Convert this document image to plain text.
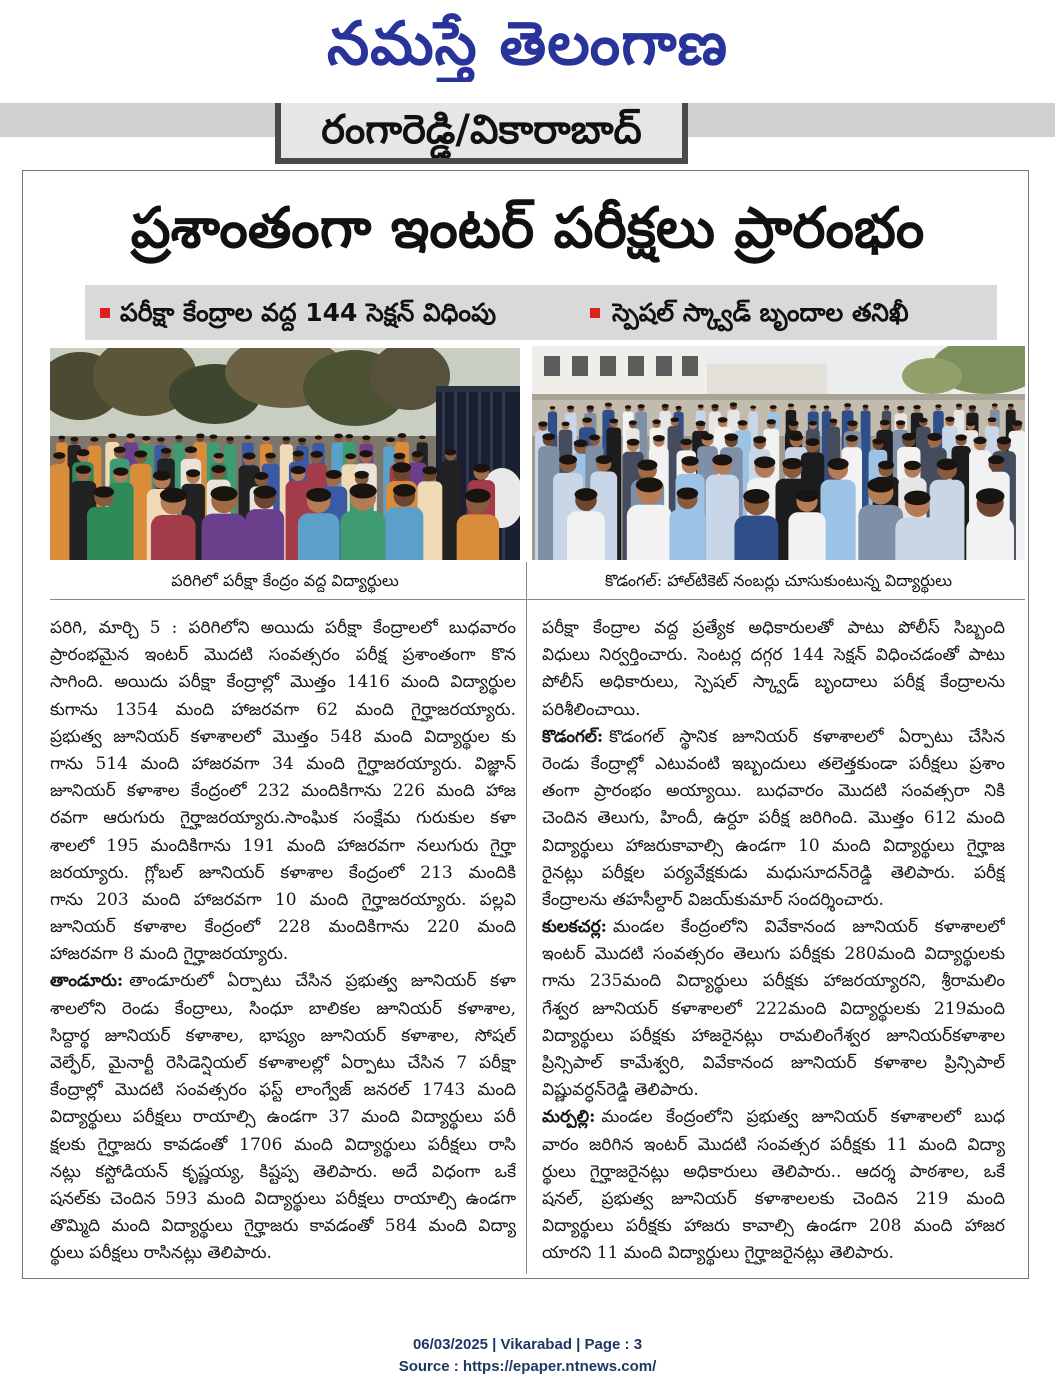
నమస్తే తెలంగాణ
రంగారెడ్డి/వికారాబాద్
ప్రశాంతంగా ఇంటర్ పరీక్షలు ప్రారంభం
పరీక్షా కేంద్రాల వద్ద 144 సెక్షన్ విధింపు	స్పెషల్ స్క్వాడ్ బృందాల తనిఖీ
పరిగిలో పరీక్షా కేంద్రం వద్ద విద్యార్థులు	కొడంగల్: హాల్‌టికెట్ నంబర్లు చూసుకుంటున్న విద్యార్థులు
పరిగి, మార్చి 5 : పరిగిలోని అయిదు పరీక్షా కేంద్రాలలో బుధవారం
ప్రారంభమైన ఇంటర్ మొదటి సంవత్సరం పరీక్ష ప్రశాంతంగా కొన
సాగింది. అయిదు పరీక్షా కేంద్రాల్లో మొత్తం 1416 మంది విద్యార్థుల
కుగాను 1354 మంది హాజరవగా 62 మంది గైర్హాజరయ్యారు.
ప్రభుత్వ జూనియర్ కళాశాలలో మొత్తం 548 మంది విద్యార్థుల కు
గాను 514 మంది హాజరవగా 34 మంది గైర్హాజరయ్యారు. విజ్ఞాన్
జూనియర్ కళాశాల కేంద్రంలో 232 మందికిగాను 226 మంది హాజ
రవగా ఆరుగురు గైర్హాజరయ్యారు.సాంఘిక సంక్షేమ గురుకుల కళా
శాలలో 195 మందికిగాను 191 మంది హాజరవగా నలుగురు గైర్హా
జరయ్యారు. గ్లోబల్ జూనియర్ కళాశాల కేంద్రంలో 213 మందికి
గాను 203 మంది హాజరవగా 10 మంది గైర్హాజరయ్యారు. పల్లవి
జూనియర్ కళాశాల కేంద్రంలో 228 మందికిగాను 220 మంది
హాజరవగా 8 మంది గైర్హాజరయ్యారు.
తాండూరు: తాండూరులో ఏర్పాటు చేసిన ప్రభుత్వ జూనియర్ కళా
శాలలోని రెండు కేంద్రాలు, సింధూ బాలికల జూనియర్ కళాశాల,
సిద్దార్థ జూనియర్ కళాశాల, భాష్యం జూనియర్ కళాశాల, సోషల్
వెల్ఫేర్, మైనార్టీ రెసిడెన్షియల్ కళాశాలల్లో ఏర్పాటు చేసిన 7 పరీక్షా
కేంద్రాల్లో మొదటి సంవత్సరం ఫస్ట్ లాంగ్వేజ్ జనరల్ 1743 మంది
విద్యార్థులు పరీక్షలు రాయాల్సి ఉండగా 37 మంది విద్యార్థులు పరీ
క్షలకు గైర్హాజరు కావడంతో 1706 మంది విద్యార్థులు పరీక్షలు రాసి
నట్లు కస్టోడియన్ కృష్ణయ్య, కిష్టప్ప తెలిపారు. అదే విధంగా ఒకే
షనల్‌కు చెందిన 593 మంది విద్యార్థులు పరీక్షలు రాయాల్సి ఉండగా
తొమ్మిది మంది విద్యార్థులు గైర్హాజరు కావడంతో 584 మంది విద్యా
ర్థులు పరీక్షలు రాసినట్లు తెలిపారు.
పరీక్షా కేంద్రాల వద్ద ప్రత్యేక అధికారులతో పాటు పోలీస్ సిబ్బంది
విధులు నిర్వర్తించారు. సెంటర్ల దగ్గర 144 సెక్షన్ విధించడంతో పాటు
పోలీస్ అధికారులు, స్పెషల్ స్క్వాడ్ బృందాలు పరీక్ష కేంద్రాలను
పరిశీలించాయి.
కొడంగల్: కొడంగల్ స్థానిక జూనియర్ కళాశాలలో ఏర్పాటు చేసిన
రెండు కేంద్రాల్లో ఎటువంటి ఇబ్బందులు తలెత్తకుండా పరీక్షలు ప్రశాం
తంగా ప్రారంభం అయ్యాయి. బుధవారం మొదటి సంవత్సరా నికి
చెందిన తెలుగు, హిందీ, ఉర్దూ పరీక్ష జరిగింది. మొత్తం 612 మంది
విద్యార్థులు హాజరుకావాల్సి ఉండగా 10 మంది విద్యార్థులు గైర్హాజ
రైనట్లు పరీక్షల పర్యవేక్షకుడు మధుసూదన్‌రెడ్డి తెలిపారు. పరీక్ష
కేంద్రాలను తహసీల్దార్ విజయ్‌కుమార్ సందర్శించారు.
కులకచర్ల: మండల కేంద్రంలోని వివేకానంద జూనియర్ కళాశాలలో
ఇంటర్ మొదటి సంవత్సరం తెలుగు పరీక్షకు 280మంది విద్యార్థులకు
గాను 235మంది విద్యార్థులు పరీక్షకు హాజరయ్యారని, శ్రీరామలిం
గేశ్వర జూనియర్ కళాశాలలో 222మంది విద్యార్థులకు 219మంది
విద్యార్థులు పరీక్షకు హాజరైనట్లు రామలింగేశ్వర జూనియర్‌కళాశాల
ప్రిన్సిపాల్ కామేశ్వరి, వివేకానంద జూనియర్ కళాశాల ప్రిన్సిపాల్
విష్ణువర్ధన్‌రెడ్డి తెలిపారు.
మర్పల్లి: మండల కేంద్రంలోని ప్రభుత్వ జూనియర్ కళాశాలలో బుధ
వారం జరిగిన ఇంటర్ మొదటి సంవత్సర పరీక్షకు 11 మంది విద్యా
ర్థులు గైర్హాజరైనట్లు అధికారులు తెలిపారు.. ఆదర్శ పాఠశాల, ఒకే
షనల్, ప్రభుత్వ జూనియర్ కళాశాలలకు చెందిన 219 మంది
విద్యార్థులు పరీక్షకు హాజరు కావాల్సి ఉండగా 208 మంది హాజర
యారని 11 మంది విద్యార్థులు గైర్హాజరైనట్లు తెలిపారు.
06/03/2025 | Vikarabad | Page : 3
Source : https://epaper.ntnews.com/
